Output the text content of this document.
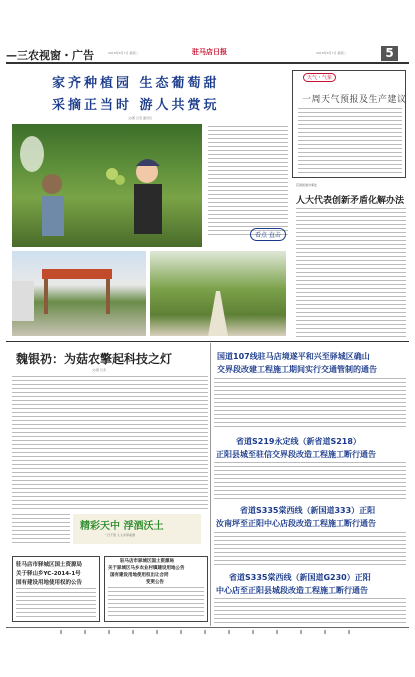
—三农视窗・广告	驻马店日报
2016年6月7日 星期二	2016年6月7日 星期二	5
家齐种植园 生态葡萄甜
采摘正当时 游人共赏玩
文/图 记者 通讯员
看点 直击
天气・气象
一周天气预报及生产建议
花园街道办事处
人大代表创新矛盾化解办法
魏银礽：为菇农擎起科技之灯
文/图 记者
精彩天中 浮酒沃土
一日千里 人人共享美酒
国道107线驻马店境遂平和兴至驿城区确山
交界段改建工程施工期间实行交通管制的通告
省道S219永定线（新省道S218）
正阳县城至驻信交界段改造工程施工断行通告
省道S335棠西线（新国道333）正阳
汝南坪至正阳中心店段改造工程施工断行通告
省道S335棠西线（新国道G230）正阳
中心店至正阳县城段改造工程施工断行通告
驻马店市驿城区国土资源局
关于驿山乡YC-2014-1号
国有建设用地使用权的公告
驻马店市驿城区国土资源局
关于驿城区马乡农业村镇建设用地公告
国有建设用地使用权出让合同
变更公告
